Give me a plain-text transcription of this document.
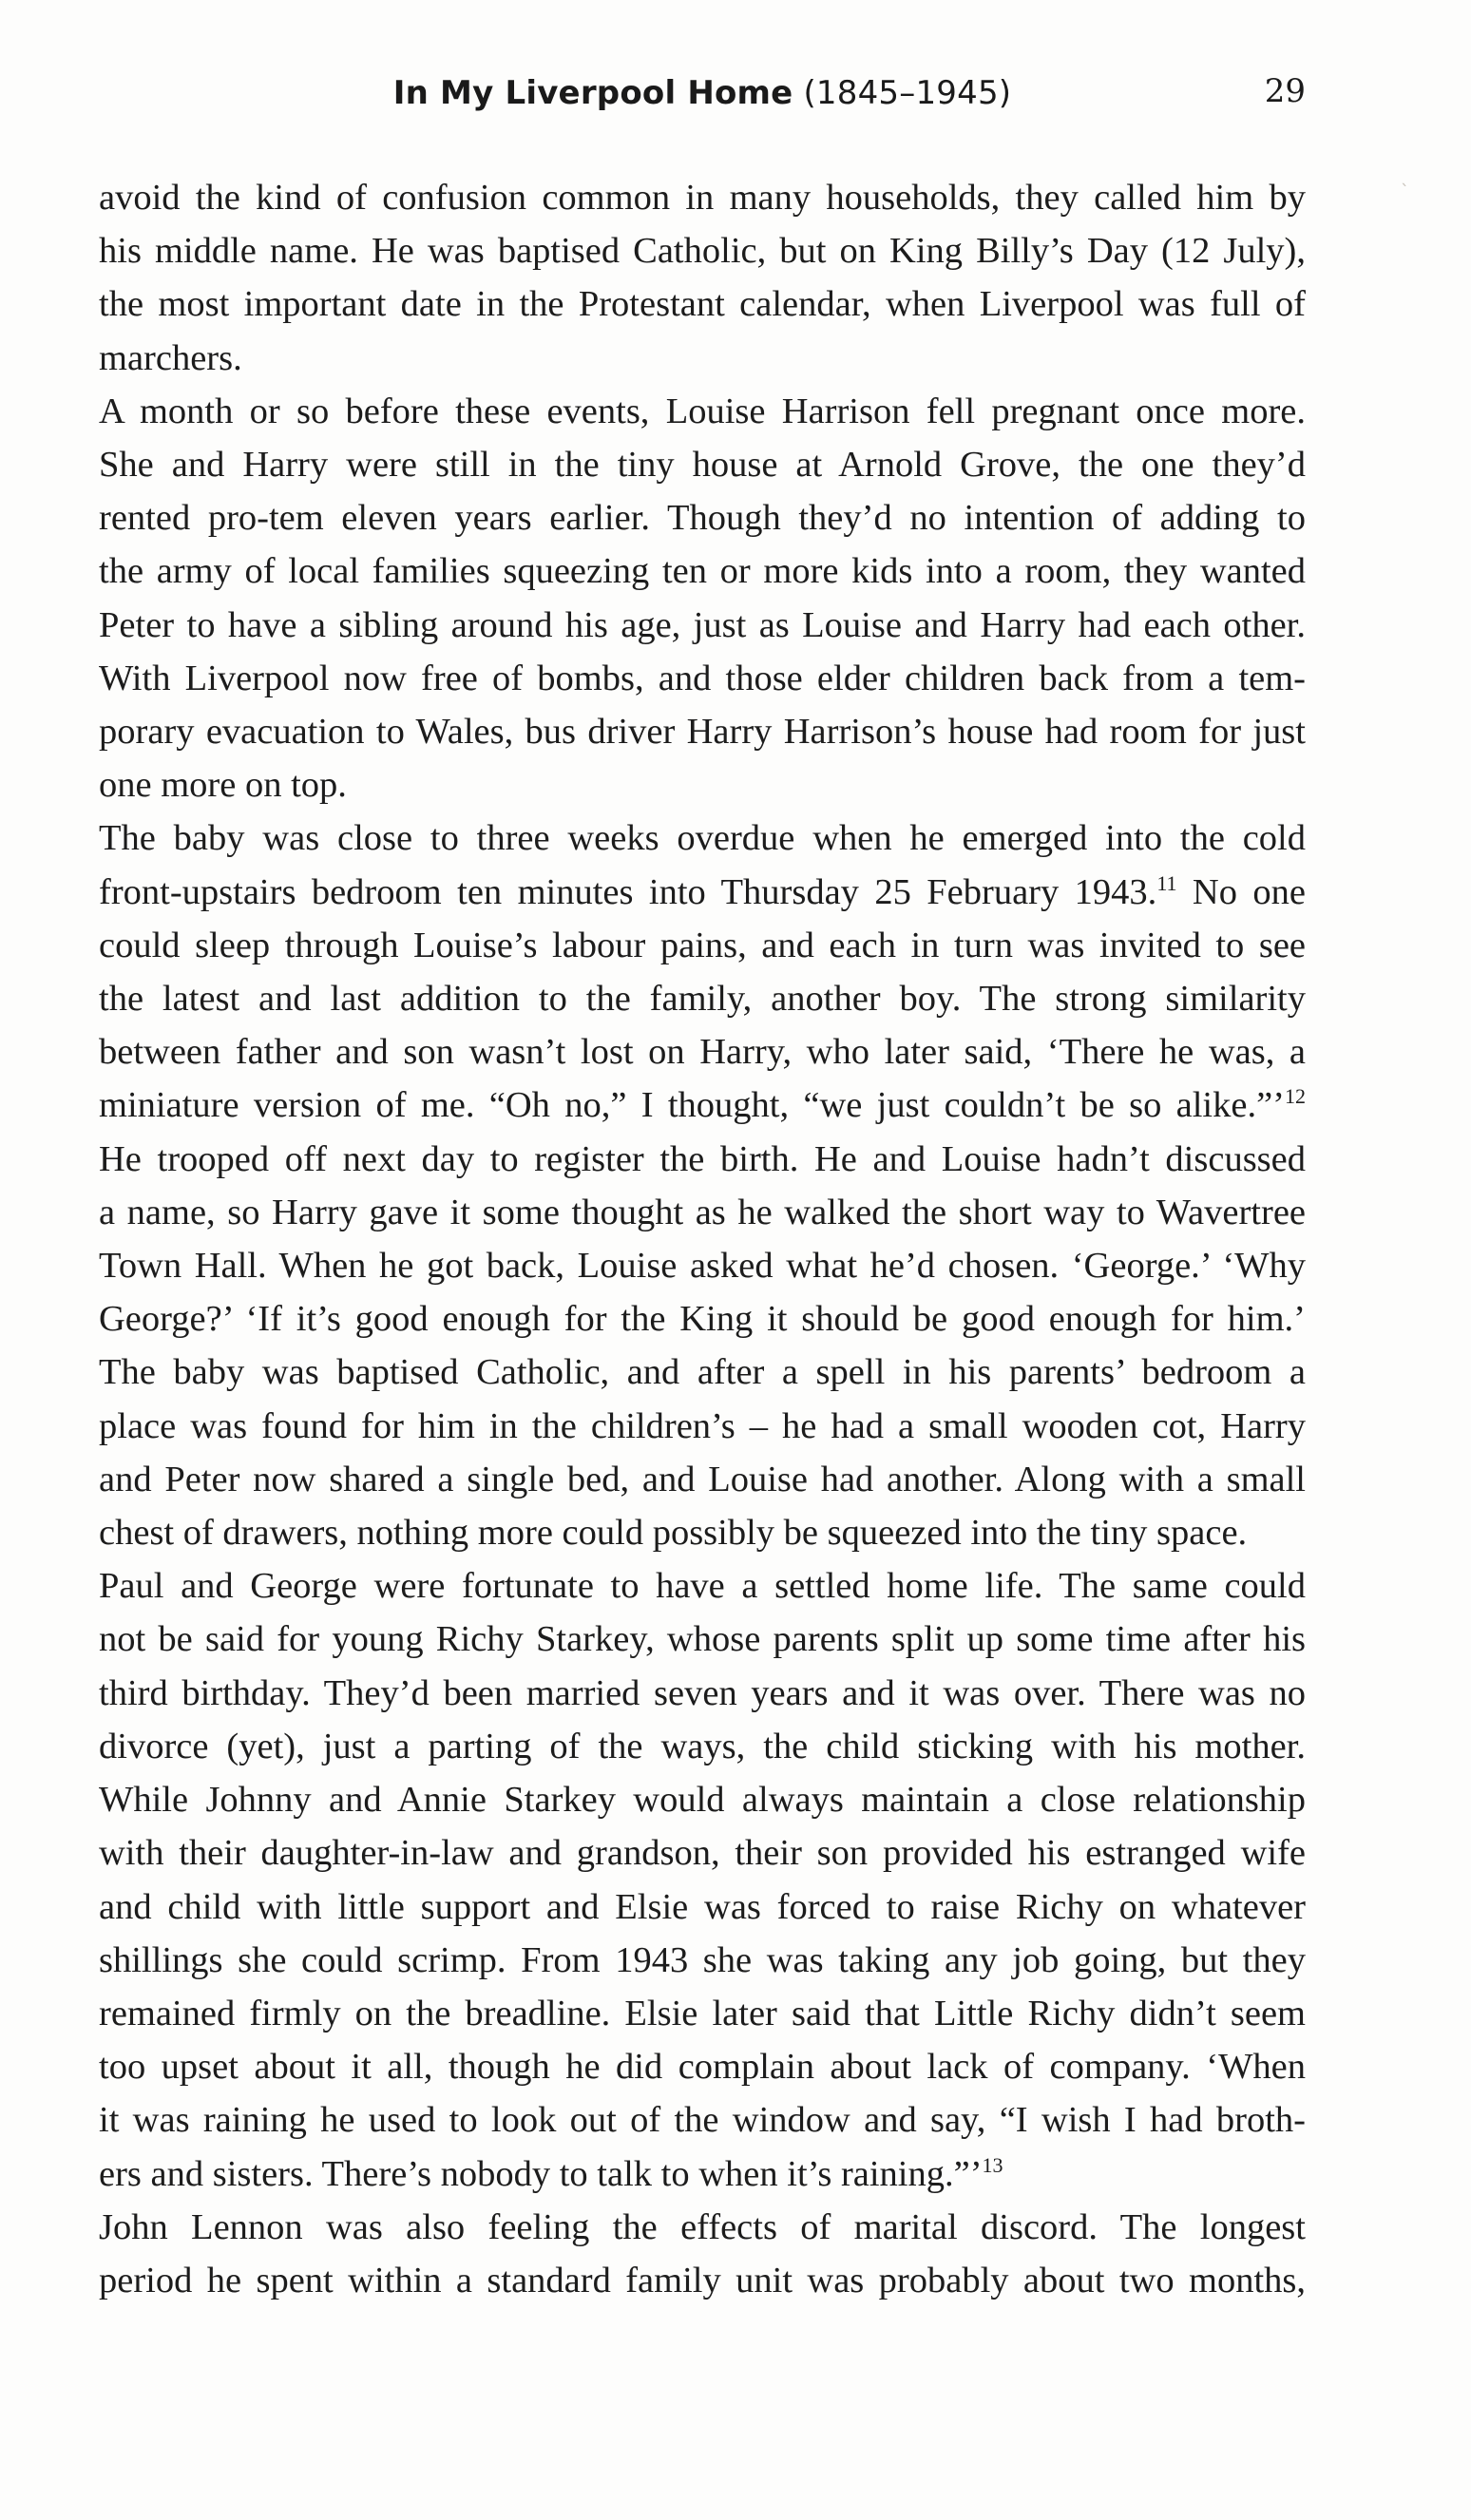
In My Liverpool Home (1845–1945)	29
ˎ

avoid the kind of confusion common in many households, they called him by
his middle name. He was baptised Catholic, but on King Billy’s Day (12 July),
the most important date in the Protestant calendar, when Liverpool was full of
marchers.

A month or so before these events, Louise Harrison fell pregnant once more.
She and Harry were still in the tiny house at Arnold Grove, the one they’d
rented pro-tem eleven years earlier. Though they’d no intention of adding to
the army of local families squeezing ten or more kids into a room, they wanted
Peter to have a sibling around his age, just as Louise and Harry had each other.
With Liverpool now free of bombs, and those elder children back from a tem-
porary evacuation to Wales, bus driver Harry Harrison’s house had room for just
one more on top.

The baby was close to three weeks overdue when he emerged into the cold
front-upstairs bedroom ten minutes into Thursday 25 February 1943.11 No one
could sleep through Louise’s labour pains, and each in turn was invited to see
the latest and last addition to the family, another boy. The strong similarity
between father and son wasn’t lost on Harry, who later said, ‘There he was, a
miniature version of me. “Oh no,” I thought, “we just couldn’t be so alike.”’$^{12}$
He trooped off next day to register the birth. He and Louise hadn’t discussed
a name, so Harry gave it some thought as he walked the short way to Wavertree
Town Hall. When he got back, Louise asked what he’d chosen. ‘George.’ ‘Why
George?’ ‘If it’s good enough for the King it should be good enough for him.’
The baby was baptised Catholic, and after a spell in his parents’ bedroom a
place was found for him in the children’s – he had a small wooden cot, Harry
and Peter now shared a single bed, and Louise had another. Along with a small
chest of drawers, nothing more could possibly be squeezed into the tiny space.

Paul and George were fortunate to have a settled home life. The same could
not be said for young Richy Starkey, whose parents split up some time after his
third birthday. They’d been married seven years and it was over. There was no
divorce (yet), just a parting of the ways, the child sticking with his mother.
While Johnny and Annie Starkey would always maintain a close relationship
with their daughter-in-law and grandson, their son provided his estranged wife
and child with little support and Elsie was forced to raise Richy on whatever
shillings she could scrimp. From 1943 she was taking any job going, but they
remained firmly on the breadline. Elsie later said that Little Richy didn’t seem
too upset about it all, though he did complain about lack of company. ‘When
it was raining he used to look out of the window and say, “I wish I had broth-
ers and sisters. There’s nobody to talk to when it’s raining.”’$^{13}$

John Lennon was also feeling the effects of marital discord. The longest
period he spent within a standard family unit was probably about two months,
